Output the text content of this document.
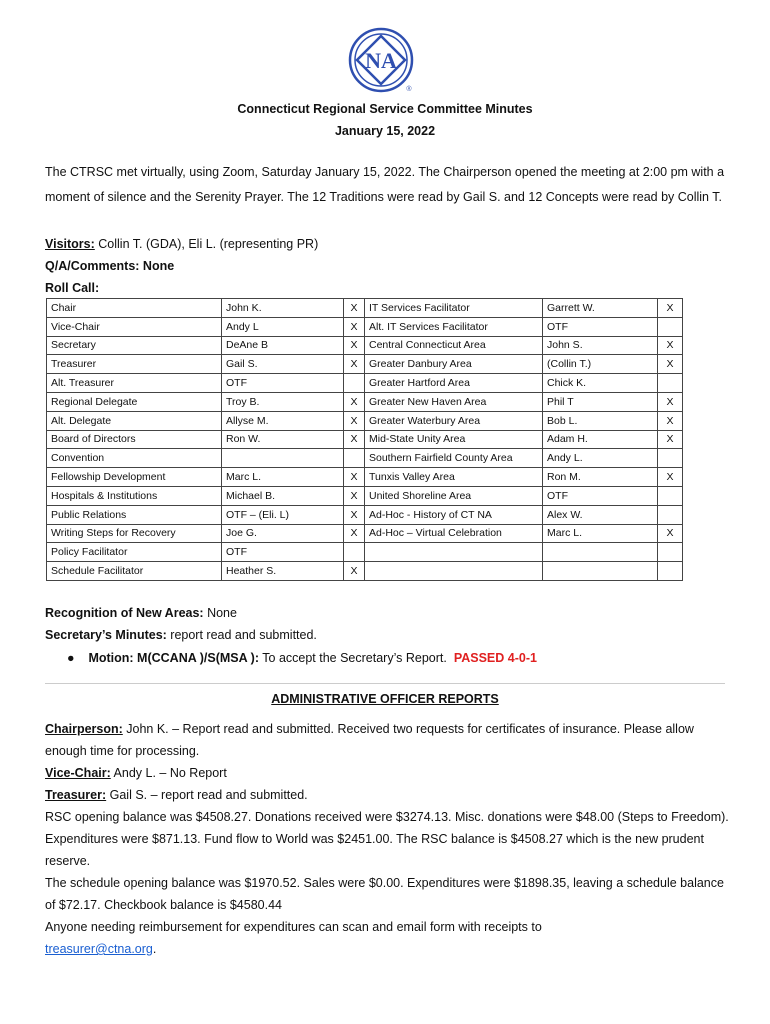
NA
®
Connecticut Regional Service Committee Minutes
January 15, 2022
The CTRSC met virtually, using Zoom, Saturday January 15, 2022. The Chairperson opened the meeting at 2:00 pm with a moment of silence and the Serenity Prayer. The 12 Traditions were read by Gail S. and 12 Concepts were read by Collin T.
Visitors: Collin T. (GDA), Eli L. (representing PR)
Q/A/Comments: None
Roll Call:
Chair	John K.	X	IT Services Facilitator	Garrett W.	X
Vice-Chair	Andy L	X	Alt. IT Services Facilitator	OTF	
Secretary	DeAne B	X	Central Connecticut Area	John S.	X
Treasurer	Gail S.	X	Greater Danbury Area	(Collin T.)	X
Alt. Treasurer	OTF		Greater Hartford Area	Chick K.	
Regional Delegate	Troy B.	X	Greater New Haven Area	Phil T	X
Alt. Delegate	Allyse M.	X	Greater Waterbury Area	Bob L.	X
Board of Directors	Ron W.	X	Mid-State Unity Area	Adam H.	X
Convention			Southern Fairfield County Area	Andy L.	
Fellowship Development	Marc L.	X	Tunxis Valley Area	Ron M.	X
Hospitals & Institutions	Michael B.	X	United Shoreline Area	OTF	
Public Relations	OTF – (Eli. L)	X	Ad-Hoc - History of CT NA	Alex W.	
Writing Steps for Recovery	Joe G.	X	Ad-Hoc – Virtual Celebration	Marc L.	X
Policy Facilitator	OTF				
Schedule Facilitator	Heather S.	X			
Recognition of New Areas: None
Secretary’s Minutes: report read and submitted.
●    Motion: M(CCANA )/S(MSA ): To accept the Secretary’s Report. PASSED 4-0-1
ADMINISTRATIVE OFFICER REPORTS
Chairperson: John K. – Report read and submitted. Received two requests for certificates of insurance. Please allow enough time for processing.
Vice-Chair: Andy L. – No Report
Treasurer: Gail S. – report read and submitted.
RSC opening balance was $4508.27. Donations received were $3274.13. Misc. donations were $48.00 (Steps to Freedom). Expenditures were $871.13. Fund flow to World was $2451.00. The RSC balance is $4508.27 which is the new prudent reserve.
The schedule opening balance was $1970.52. Sales were $0.00. Expenditures were $1898.35, leaving a schedule balance of $72.17. Checkbook balance is $4580.44
Anyone needing reimbursement for expenditures can scan and email form with receipts to
treasurer@ctna.org.
